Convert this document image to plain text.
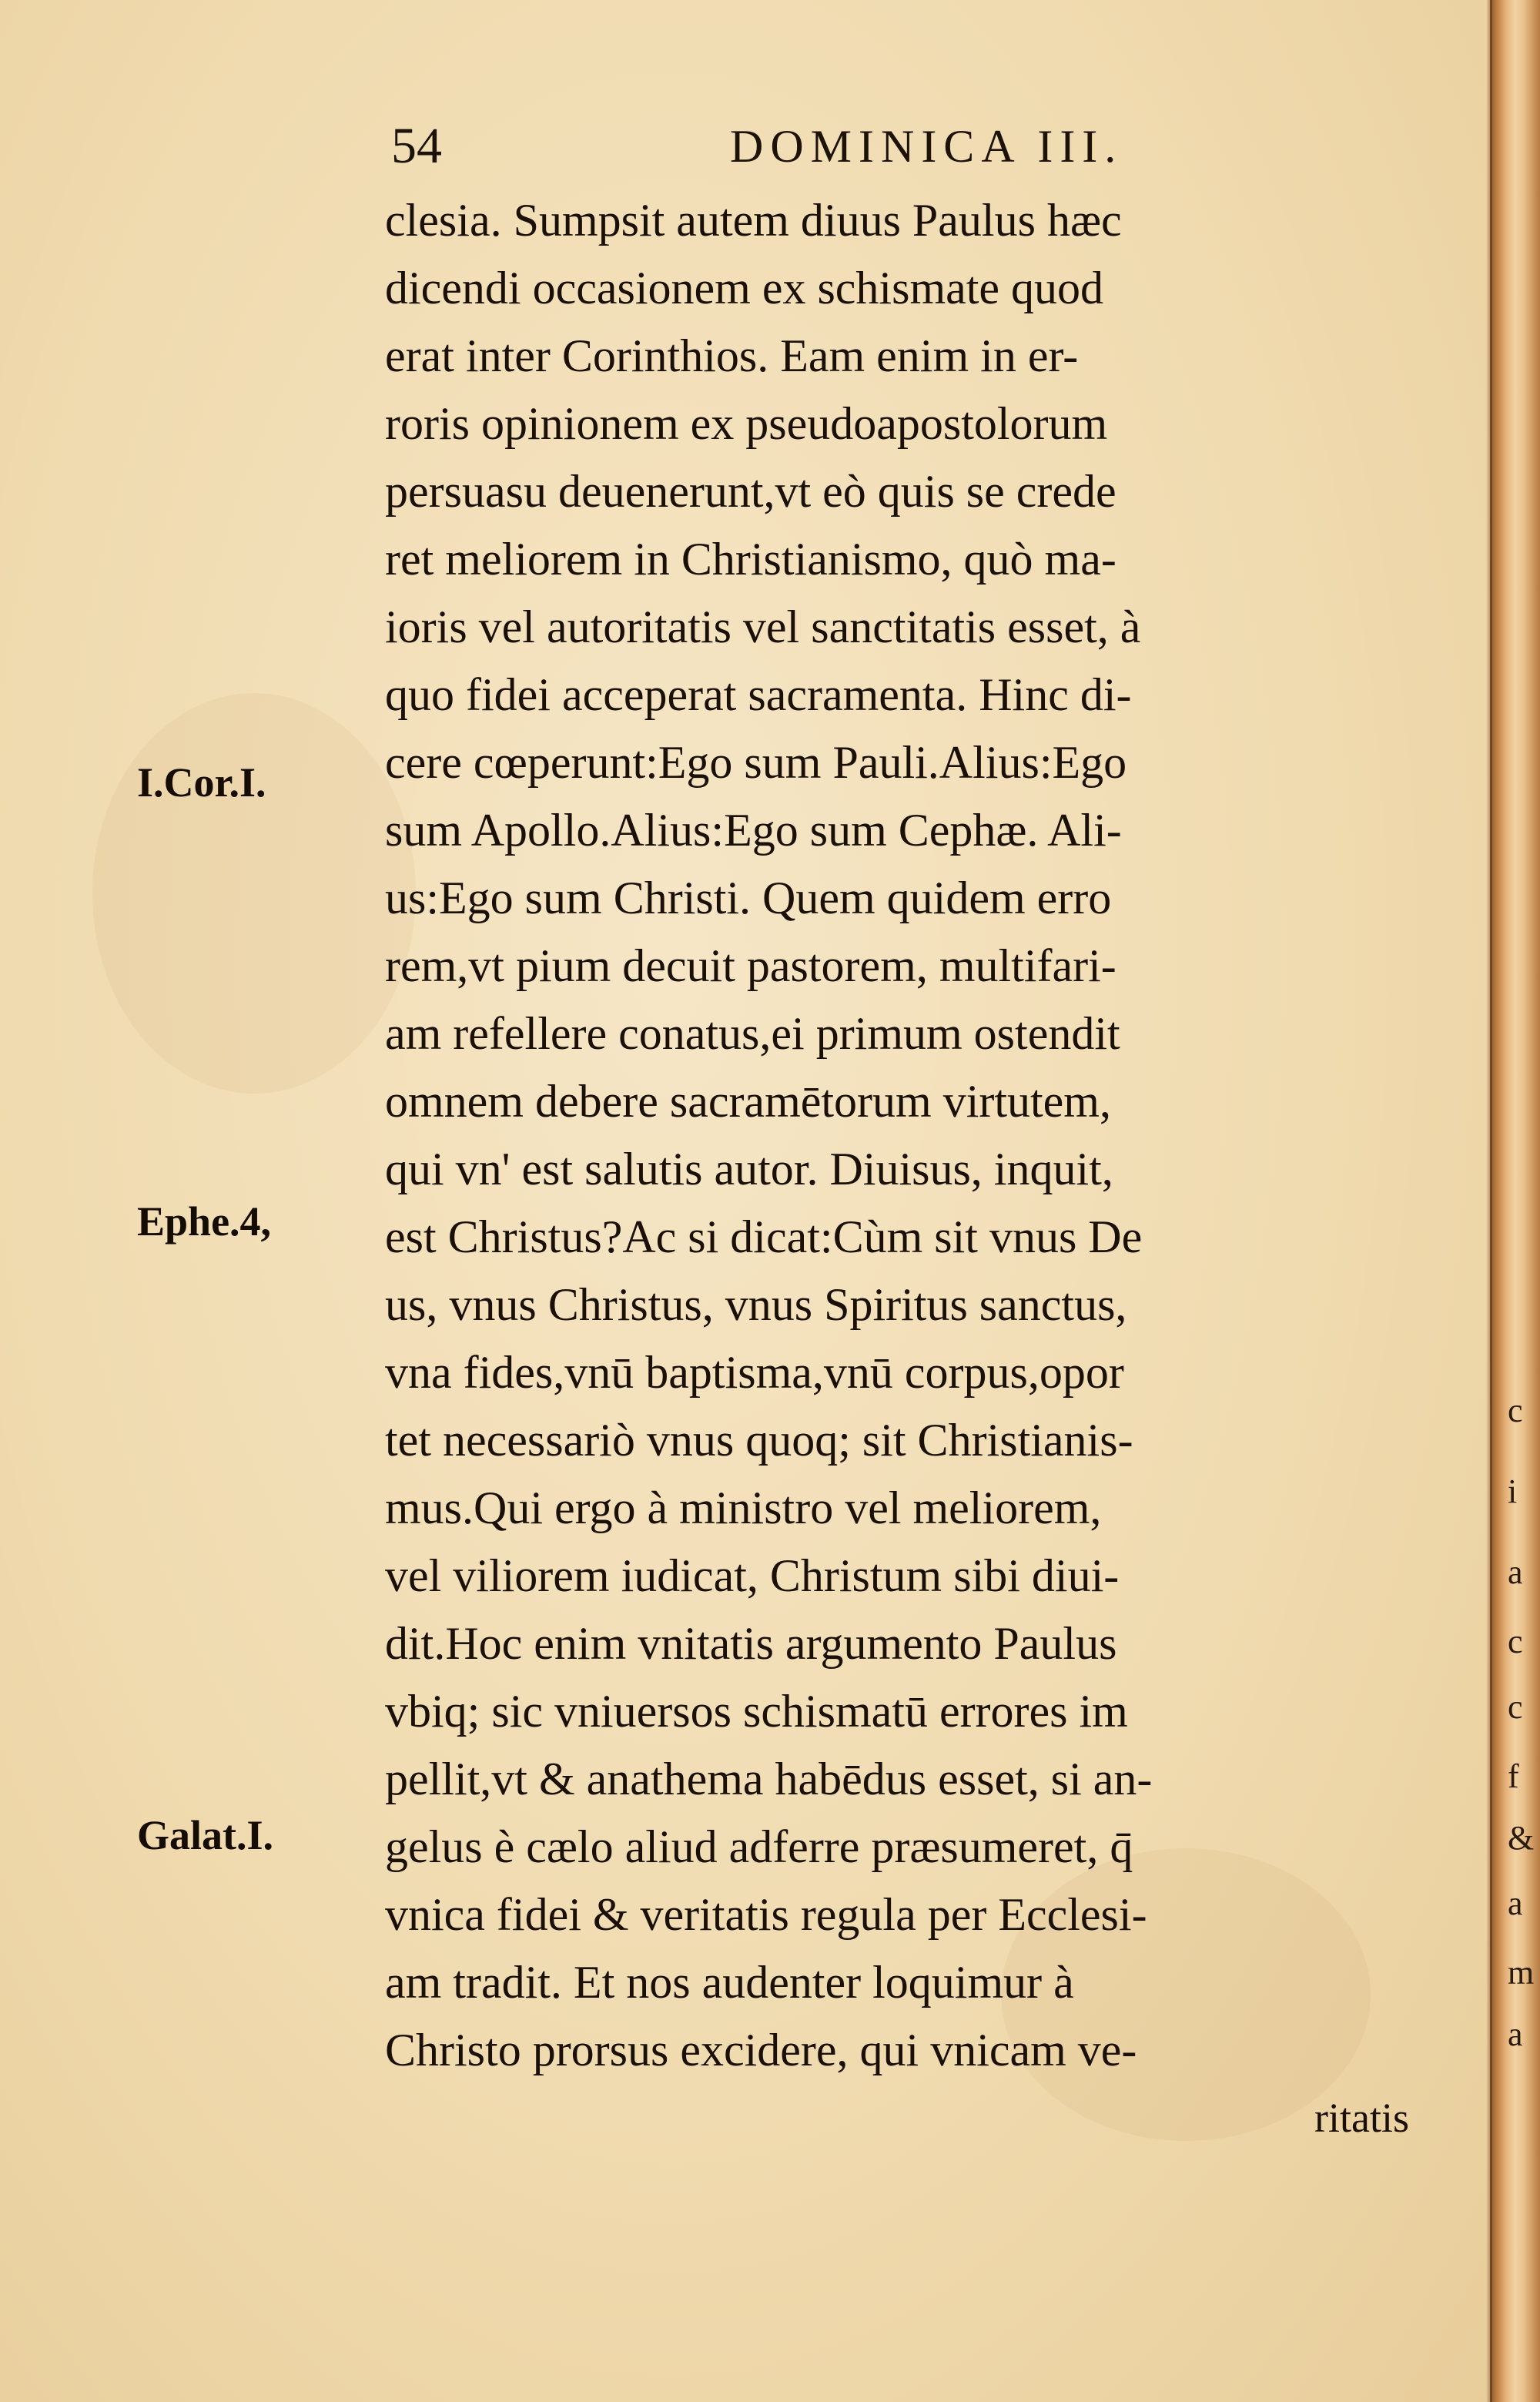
54	DOMINICA III.
I.Cor.I.
Ephe.4,
Galat.I.
clesia. Sumpsit autem diuus Paulus hæc
dicendi occasionem ex schismate quod
erat inter Corinthios. Eam enim in er-
roris opinionem ex pseudoapostolorum
persuasu deuenerunt,vt eò quis se crede
ret meliorem in Christianismo, quò ma-
ioris vel autoritatis vel sanctitatis esset, à
quo fidei acceperat sacramenta. Hinc di-
cere cœperunt:Ego sum Pauli.Alius:Ego
sum Apollo.Alius:Ego sum Cephæ. Ali-
us:Ego sum Christi. Quem quidem erro
rem,vt pium decuit pastorem, multifari-
am refellere conatus,ei primum ostendit
omnem debere sacramētorum virtutem,
qui vn' est salutis autor. Diuisus, inquit,
est Christus?Ac si dicat:Cùm sit vnus De
us, vnus Christus, vnus Spiritus sanctus,
vna fides,vnū baptisma,vnū corpus,opor
tet necessariò vnus quoq; sit Christianis-
mus.Qui ergo à ministro vel meliorem,
vel viliorem iudicat, Christum sibi diui-
dit.Hoc enim vnitatis argumento Paulus
vbiq; sic vniuersos schismatū errores im
pellit,vt & anathema habēdus esset, si an-
gelus è cælo aliud adferre præsumeret, q̄
vnica fidei & veritatis regula per Ecclesi-
am tradit. Et nos audenter loquimur à
Christo prorsus excidere, qui vnicam ve-
ritatis
c
i
a
c
c
f
&
a
m
a
